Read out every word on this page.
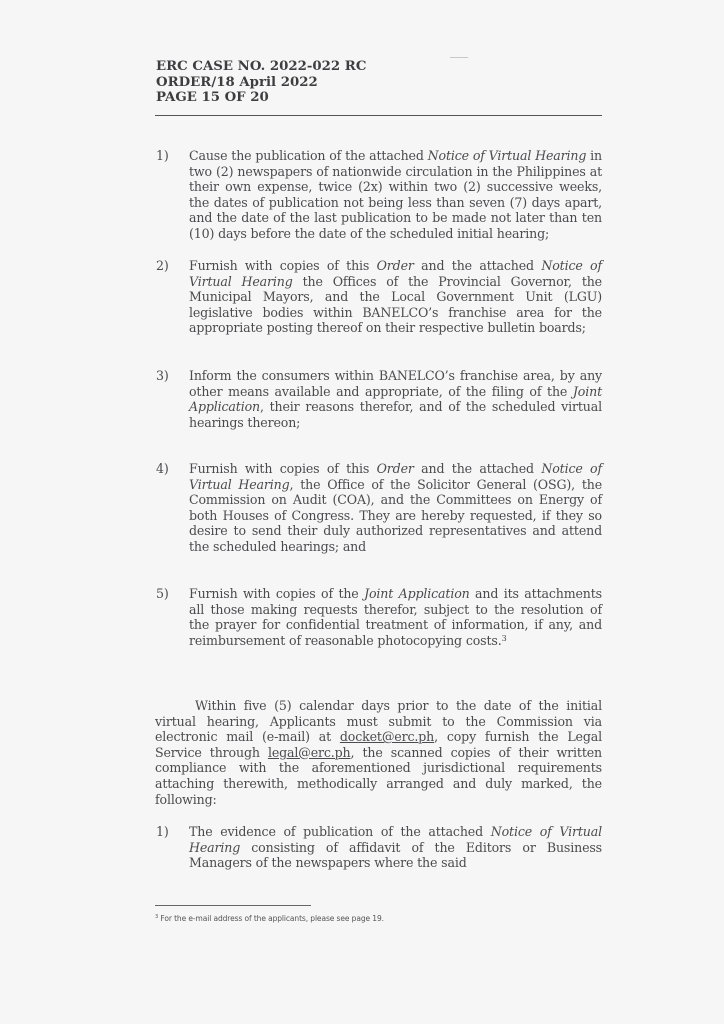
ERC CASE NO. 2022-022 RC
ORDER/18 April 2022
PAGE 15 OF 20
1)	Cause the publication of the attached Notice of Virtual Hearing in two (2) newspapers of nationwide circulation in the Philippines at their own expense, twice (2x) within two (2) successive weeks, the dates of publication not being less than seven (7) days apart, and the date of the last publication to be made not later than ten (10) days before the date of the scheduled initial hearing;

2)	Furnish with copies of this Order and the attached Notice of Virtual Hearing the Offices of the Provincial Governor, the Municipal Mayors, and the Local Government Unit (LGU) legislative bodies within BANELCO’s franchise area for the appropriate posting thereof on their respective bulletin boards;

3)	Inform the consumers within BANELCO’s franchise area, by any other means available and appropriate, of the filing of the Joint Application, their reasons therefor, and of the scheduled virtual hearings thereon;

4)	Furnish with copies of this Order and the attached Notice of Virtual Hearing, the Office of the Solicitor General (OSG), the Commission on Audit (COA), and the Committees on Energy of both Houses of Congress. They are hereby requested, if they so desire to send their duly authorized representatives and attend the scheduled hearings; and

5)	Furnish with copies of the Joint Application and its attachments all those making requests therefor, subject to the resolution of the prayer for confidential treatment of information, if any, and reimbursement of reasonable photocopying costs.$^3$

Within five (5) calendar days prior to the date of the initial virtual hearing, Applicants must submit to the Commission via electronic mail (e-mail) at docket@erc.ph, copy furnish the Legal Service through legal@erc.ph, the scanned copies of their written compliance with the aforementioned jurisdictional requirements attaching therewith, methodically arranged and duly marked, the following:

1)	The evidence of publication of the attached Notice of Virtual Hearing consisting of affidavit of the Editors or Business Managers of the newspapers where the said

$^3$ For the e-mail address of the applicants, please see page 19.
